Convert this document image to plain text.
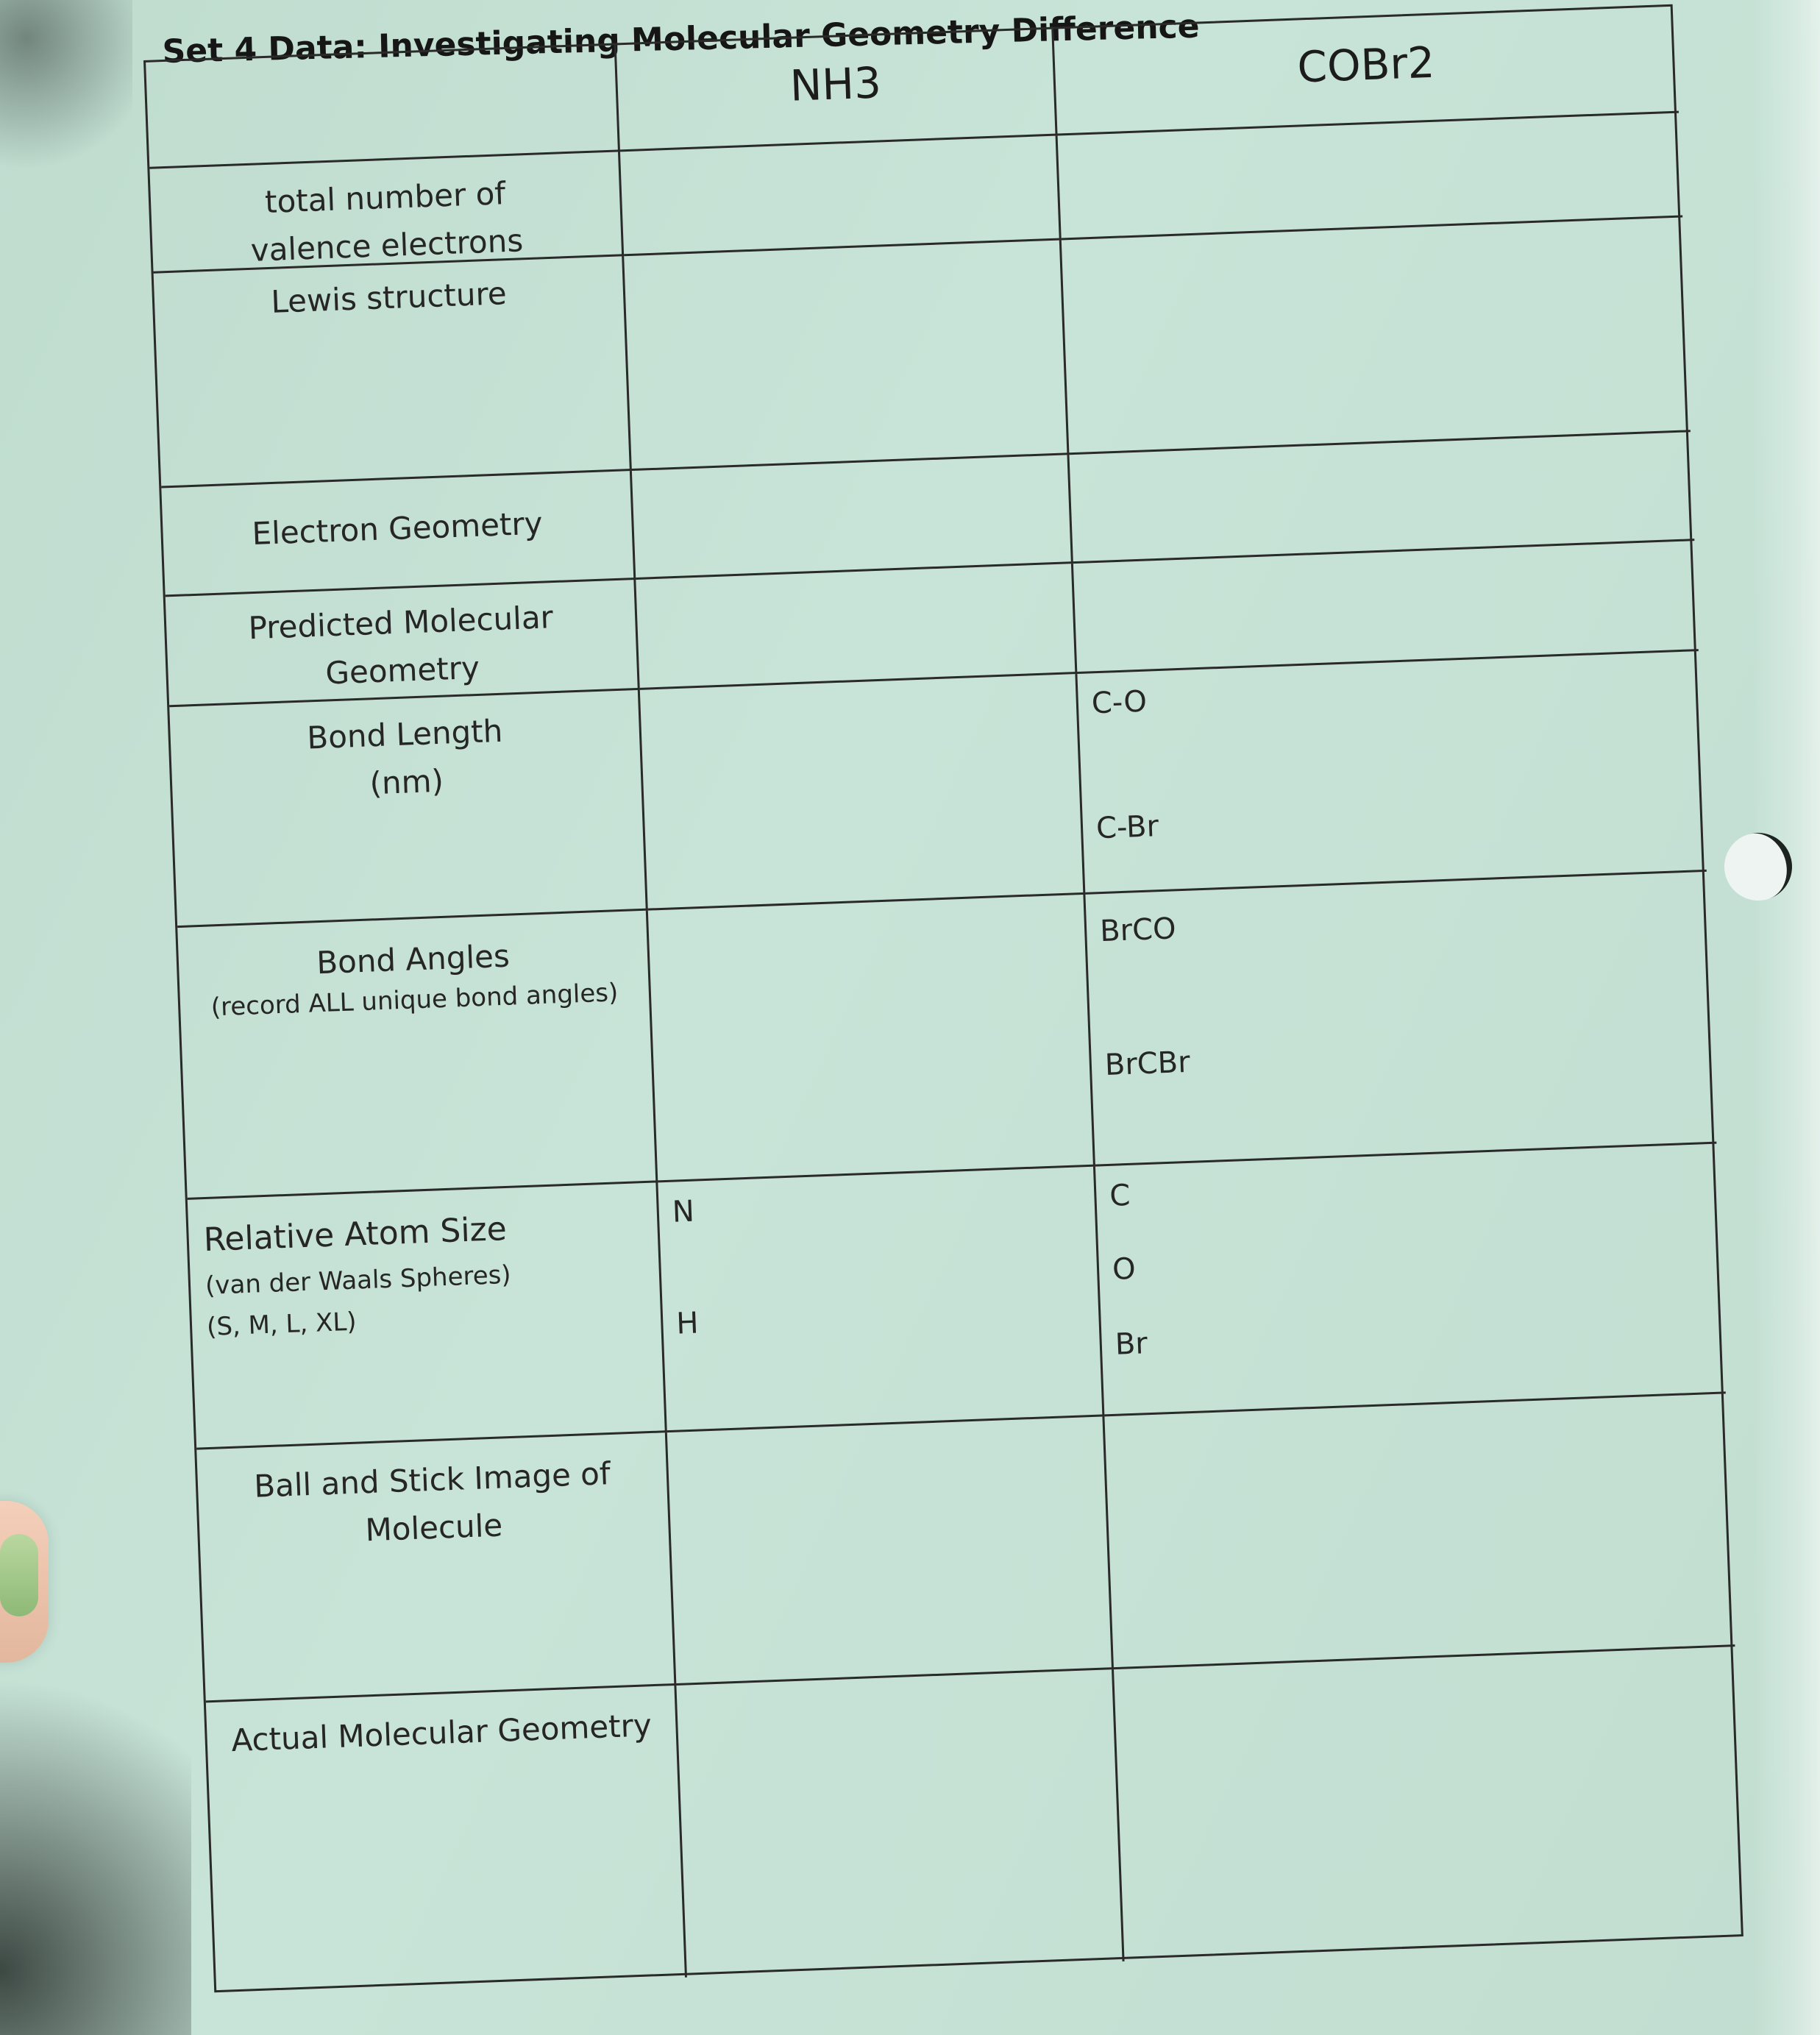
Set 4 Data: Investigating Molecular Geometry Difference
NH3	COBr2
total number of
valence electrons
Lewis structure
Electron Geometry
Predicted Molecular
Geometry
Bond Length
(nm)
C-O
C-Br
Bond Angles
(record ALL unique bond angles)
BrCO
BrCBr
Relative Atom Size
(van der Waals Spheres)
(S, M, L, XL)
N
H
C
O
Br
Ball and Stick Image of
Molecule
Actual Molecular Geometry
